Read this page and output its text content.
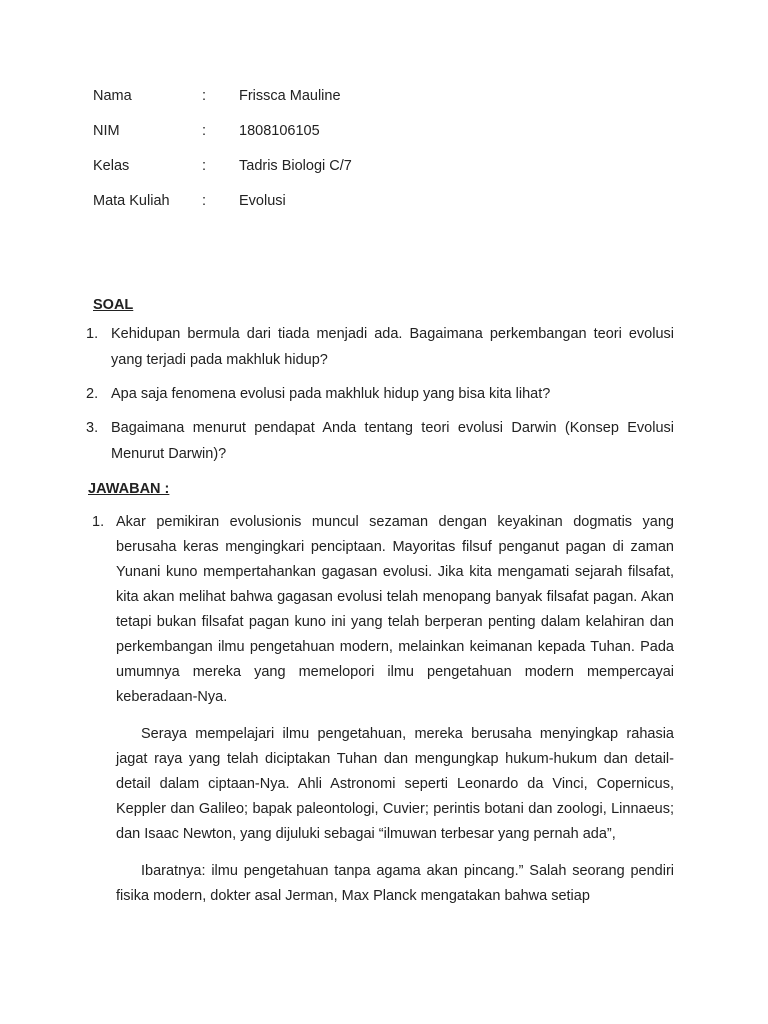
Nama	: Frissca Mauline
NIM	: 1808106105
Kelas	: Tadris Biologi C/7
Mata Kuliah : Evolusi
SOAL
1. Kehidupan bermula dari tiada menjadi ada. Bagaimana perkembangan teori evolusi yang terjadi pada makhluk hidup?
2. Apa saja fenomena evolusi pada makhluk hidup yang bisa kita lihat?
3. Bagaimana menurut pendapat Anda tentang teori evolusi Darwin (Konsep Evolusi Menurut Darwin)?
JAWABAN :
1. Akar pemikiran evolusionis muncul sezaman dengan keyakinan dogmatis yang berusaha keras mengingkari penciptaan. Mayoritas filsuf penganut pagan di zaman Yunani kuno mempertahankan gagasan evolusi. Jika kita mengamati sejarah filsafat, kita akan melihat bahwa gagasan evolusi telah menopang banyak filsafat pagan. Akan tetapi bukan filsafat pagan kuno ini yang telah berperan penting dalam kelahiran dan perkembangan ilmu pengetahuan modern, melainkan keimanan kepada Tuhan. Pada umumnya mereka yang memelopori ilmu pengetahuan modern mempercayai keberadaan-Nya.

Seraya mempelajari ilmu pengetahuan, mereka berusaha menyingkap rahasia jagat raya yang telah diciptakan Tuhan dan mengungkap hukum-hukum dan detail-detail dalam ciptaan-Nya. Ahli Astronomi seperti Leonardo da Vinci, Copernicus, Keppler dan Galileo; bapak paleontologi, Cuvier; perintis botani dan zoologi, Linnaeus; dan Isaac Newton, yang dijuluki sebagai “ilmuwan terbesar yang pernah ada”,

Ibaratnya: ilmu pengetahuan tanpa agama akan pincang.” Salah seorang pendiri fisika modern, dokter asal Jerman, Max Planck mengatakan bahwa setiap
